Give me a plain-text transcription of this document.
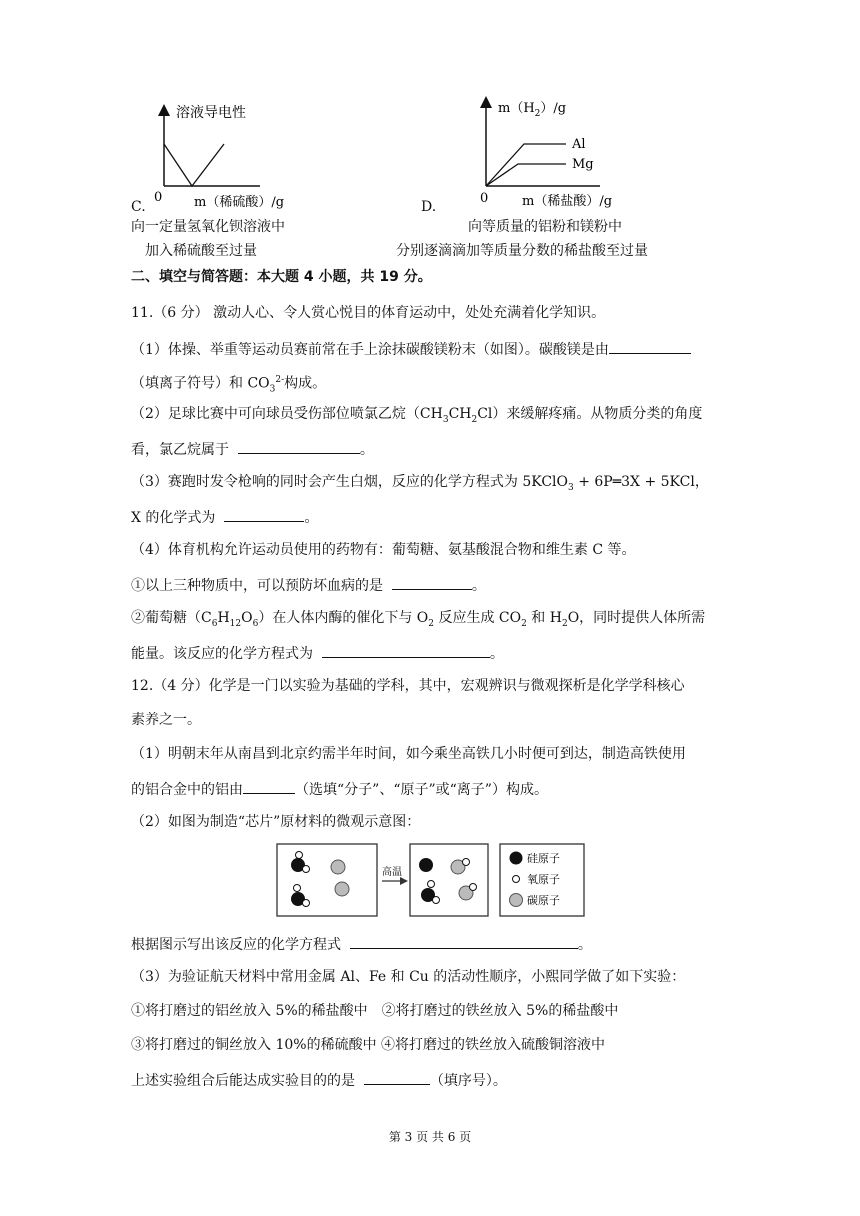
溶液导电性
0 m（稀硫酸）/g
C.
向一定量氢氧化钡溶液中
加入稀硫酸至过量
$m(H_2)/g$
Al
Mg
0	m（稀盐酸）/g
D.
向等质量的铝粉和镁粉中
分别逐滴滴加等质量分数的稀盐酸至过量
二、填空与简答题：本大题 4 小题，共 19 分。
11.（6 分） 激动人心、令人赏心悦目的体育运动中，处处充满着化学知识。
（1）体操、举重等运动员赛前常在手上涂抹碳酸镁粉末（如图）。碳酸镁是由
（填离子符号）和 $CO_3^{2-}$构成。
（2）足球比赛中可向球员受伤部位喷氯乙烷$(CH_3CH_2Cl)$来缓解疼痛。从物质分类的角度
看，氯乙烷属于	。
（3）赛跑时发令枪响的同时会产生白烟，反应的化学方程式为 5KClO$_3$ + 6P═3X + 5KCl，
X 的化学式为	。
（4）体育机构允许运动员使用的药物有：葡萄糖、氨基酸混合物和维生素 C 等。
①以上三种物质中，可以预防坏血病的是	。
②葡萄糖$(C_6H_{12}O_6)$在人体内酶的催化下与 $O_2$ 反应生成 $CO_2$ 和 $H_2O$，同时提供人体所需
能量。该反应的化学方程式为	。
12.（4 分）化学是一门以实验为基础的学科，其中，宏观辨识与微观探析是化学学科核心
素养之一。
（1）明朝末年从南昌到北京约需半年时间，如今乘坐高铁几小时便可到达，制造高铁使用
的铝合金中的铝由	（选填“分子”、“原子”或“离子”）构成。
（2）如图为制造“芯片”原材料的微观示意图：
高温
硅原子
氧原子
碳原子
根据图示写出该反应的化学方程式	。
（3）为验证航天材料中常用金属 Al、Fe 和 Cu 的活动性顺序，小熙同学做了如下实验：
①将打磨过的铝丝放入 5%的稀盐酸中　②将打磨过的铁丝放入 5%的稀盐酸中
③将打磨过的铜丝放入 10%的稀硫酸中 ④将打磨过的铁丝放入硫酸铜溶液中
上述实验组合后能达成实验目的的是	（填序号）。
第 3 页 共 6 页
